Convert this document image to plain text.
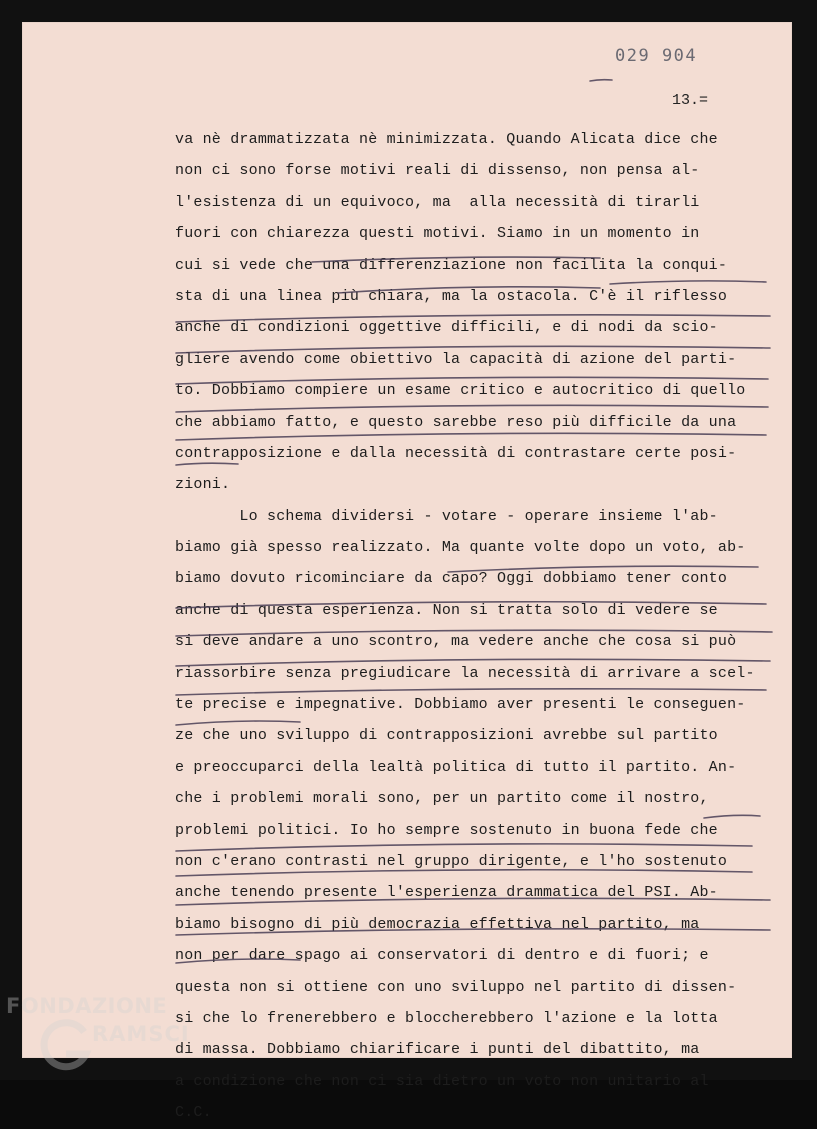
029 904
13.=
va nè drammatizzata nè minimizzata. Quando Alicata dice che
non ci sono forse motivi reali di dissenso, non pensa al-
l'esistenza di un equivoco, ma  alla necessità di tirarli
fuori con chiarezza questi motivi. Siamo in un momento in
cui si vede che una differenziazione non facilita la conqui-
sta di una linea più chiara, ma la ostacola. C'è il riflesso
anche di condizioni oggettive difficili, e di nodi da scio-
gliere avendo come obiettivo la capacità di azione del parti-
to. Dobbiamo compiere un esame critico e autocritico di quello
che abbiamo fatto, e questo sarebbe reso più difficile da una
contrapposizione e dalla necessità di contrastare certe posi-
zioni.
Lo schema dividersi - votare - operare insieme l'ab-
biamo già spesso realizzato. Ma quante volte dopo un voto, ab-
biamo dovuto ricominciare da capo? Oggi dobbiamo tener conto
anche di questa esperienza. Non si tratta solo di vedere se
si deve andare a uno scontro, ma vedere anche che cosa si può
riassorbire senza pregiudicare la necessità di arrivare a scel-
te precise e impegnative. Dobbiamo aver presenti le conseguen-
ze che uno sviluppo di contrapposizioni avrebbe sul partito
e preoccuparci della lealtà politica di tutto il partito. An-
che i problemi morali sono, per un partito come il nostro,
problemi politici. Io ho sempre sostenuto in buona fede che
non c'erano contrasti nel gruppo dirigente, e l'ho sostenuto
anche tenendo presente l'esperienza drammatica del PSI. Ab-
biamo bisogno di più democrazia effettiva nel partito, ma
non per dare spago ai conservatori di dentro e di fuori; e
questa non si ottiene con uno sviluppo nel partito di dissen-
si che lo frenerebbero e bloccherebbero l'azione e la lotta
di massa. Dobbiamo chiarificare i punti del dibattito, ma
a condizione che non ci sia dietro un voto non unitario al
C.C.
FONDAZIONE
RAMSCI
